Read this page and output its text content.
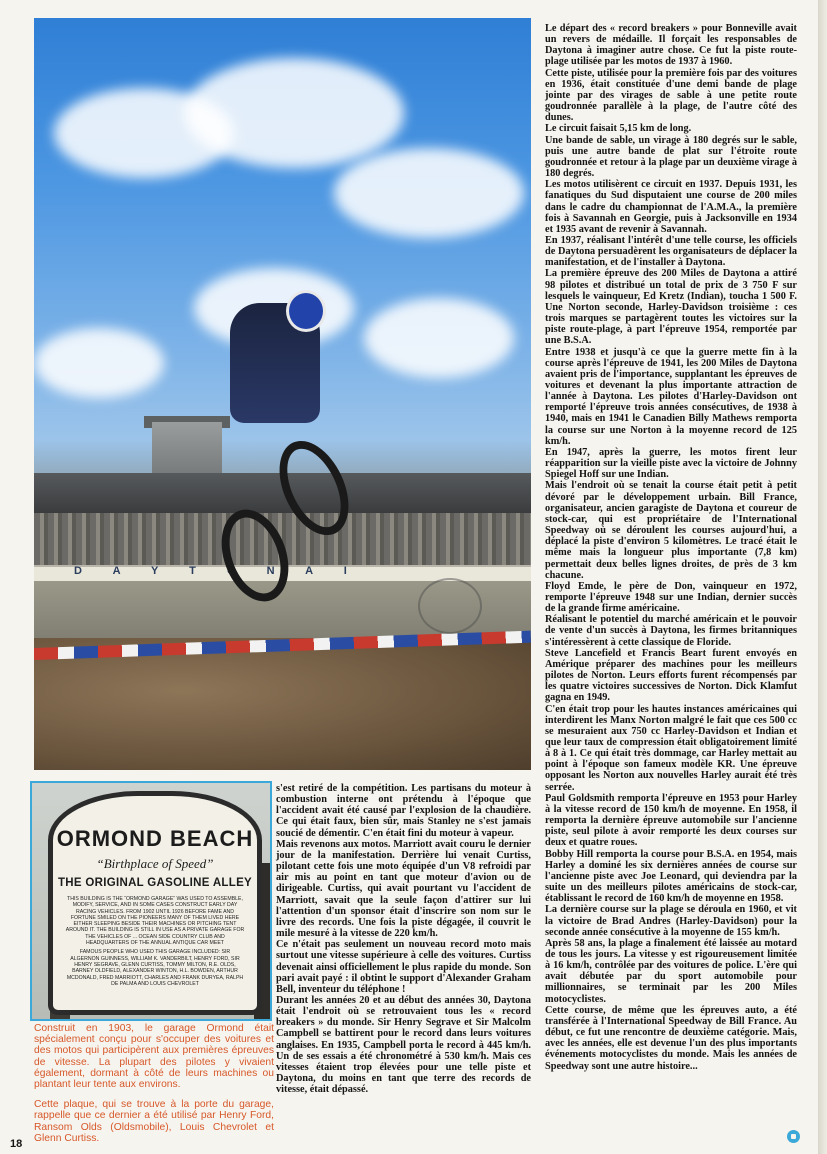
D A Y T O N A I
ORMOND BEACH
“Birthplace of Speed”
THE ORIGINAL GASOLINE ALLEY
THIS BUILDING IS THE “ORMOND GARAGE” WAS USED TO ASSEMBLE, MODIFY, SERVICE, AND IN SOME CASES CONSTRUCT EARLY DAY RACING VEHICLES. FROM 1902 UNTIL 1926 BEFORE FAME AND FORTUNE SMILED ON THE PIONEERS MANY OF THEM LIVED HERE EITHER SLEEPING BESIDE THEIR MACHINES OR PITCHING TENT AROUND IT. THE BUILDING IS STILL IN USE AS A PRIVATE GARAGE FOR THE VEHICLES OF ... OCEAN SIDE COUNTRY CLUB AND HEADQUARTERS OF THE ANNUAL ANTIQUE CAR MEET
FAMOUS PEOPLE WHO USED THIS GARAGE INCLUDED: SIR ALGERNON GUINNESS, WILLIAM K. VANDERBILT, HENRY FORD, SIR HENRY SEGRAVE, GLENN CURTISS, TOMMY MILTON, R.E. OLDS, BARNEY OLDFIELD, ALEXANDER WINTON, H.L. BOWDEN, ARTHUR MCDONALD, FRED MARRIOTT, CHARLES AND FRANK DURYEA, RALPH DE PALMA AND LOUIS CHEVROLET

Construit en 1903, le garage Ormond était spécialement conçu pour s'occuper des voitures et des motos qui participèrent aux premières épreuves de vitesse. La plupart des pilotes y vivaient également, dormant à côté de leurs machines ou plantant leur tente aux environs.

Cette plaque, qui se trouve à la porte du garage, rappelle que ce dernier a été utilisé par Henry Ford, Ransom Olds (Oldsmobile), Louis Chevrolet et Glenn Curtiss.

s'est retiré de la compétition. Les partisans du moteur à combustion interne ont prétendu à l'époque que l'accident avait été causé par l'explosion de la chaudière. Ce qui était faux, bien sûr, mais Stanley ne s'est jamais soucié de démentir. C'en était fini du moteur à vapeur.

Mais revenons aux motos. Marriott avait couru le dernier jour de la manifestation. Derrière lui venait Curtiss, pilotant cette fois une moto équipée d'un V8 refroidi par air mis au point en tant que moteur d'avion ou de dirigeable. Curtiss, qui avait pourtant vu l'accident de Marriott, savait que la seule façon d'attirer sur lui l'attention d'un sponsor était d'inscrire son nom sur le livre des records. Une fois la piste dégagée, il couvrit le mile mesuré à la vitesse de 220 km/h.

Ce n'était pas seulement un nouveau record moto mais surtout une vitesse supérieure à celle des voitures. Curtiss devenait ainsi officiellement le plus rapide du monde. Son pari avait payé : il obtint le support d'Alexander Graham Bell, inventeur du téléphone !

Durant les années 20 et au début des années 30, Daytona était l'endroit où se retrouvaient tous les « record breakers » du monde. Sir Henry Segrave et Sir Malcolm Campbell se battirent pour le record dans leurs voitures anglaises. En 1935, Campbell porta le record à 445 km/h. Un de ses essais a été chronométré à 530 km/h. Mais ces vitesses étaient trop élevées pour une telle piste et Daytona, du moins en tant que terre des records de vitesse, était dépassé.

Le départ des « record breakers » pour Bonneville avait un revers de médaille. Il forçait les responsables de Daytona à imaginer autre chose. Ce fut la piste route-plage utilisée par les motos de 1937 à 1960.

Cette piste, utilisée pour la première fois par des voitures en 1936, était constituée d'une demi bande de plage jointe par des virages de sable à une petite route goudronnée parallèle à la plage, de l'autre côté des dunes.

Le circuit faisait 5,15 km de long.

Une bande de sable, un virage à 180 degrés sur le sable, puis une autre bande de plat sur l'étroite route goudronnée et retour à la plage par un deuxième virage à 180 degrés.

Les motos utilisèrent ce circuit en 1937. Depuis 1931, les fanatiques du Sud disputaient une course de 200 miles dans le cadre du championnat de l'A.M.A., la première fois à Savannah en Georgie, puis à Jacksonville en 1934 et 1935 avant de revenir à Savannah.

En 1937, réalisant l'intérêt d'une telle course, les officiels de Daytona persuadèrent les organisateurs de déplacer la manifestation, et de l'installer à Daytona.

La première épreuve des 200 Miles de Daytona a attiré 98 pilotes et distribué un total de prix de 3 750 F sur lesquels le vainqueur, Ed Kretz (Indian), toucha 1 500 F. Une Norton seconde, Harley-Davidson troisième : ces trois marques se partagèrent toutes les victoires sur la piste route-plage, à part l'épreuve 1954, remportée par une B.S.A.

Entre 1938 et jusqu'à ce que la guerre mette fin à la course après l'épreuve de 1941, les 200 Miles de Daytona avaient pris de l'importance, supplantant les épreuves de voitures et devenant la plus importante attraction de l'année à Daytona. Les pilotes d'Harley-Davidson ont remporté l'épreuve trois années consécutives, de 1938 à 1940, mais en 1941 le Canadien Billy Mathews remporta la course sur une Norton à la moyenne record de 125 km/h.

En 1947, après la guerre, les motos firent leur réapparition sur la vieille piste avec la victoire de Johnny Spiegel Hoff sur une Indian.

Mais l'endroit où se tenait la course était petit à petit dévoré par le développement urbain. Bill France, organisateur, ancien garagiste de Daytona et coureur de stock-car, qui est propriétaire de l'International Speedway où se déroulent les courses aujourd'hui, a déplacé la piste d'environ 5 kilomètres. Le tracé était le même mais la longueur plus importante (7,8 km) permettait deux belles lignes droites, de près de 3 km chacune.

Floyd Emde, le père de Don, vainqueur en 1972, remporte l'épreuve 1948 sur une Indian, dernier succès de la grande firme américaine.

Réalisant le potentiel du marché américain et le pouvoir de vente d'un succès à Daytona, les firmes britanniques s'intéressèrent à cette classique de Floride.

Steve Lancefield et Francis Beart furent envoyés en Amérique préparer des machines pour les meilleurs pilotes de Norton. Leurs efforts furent récompensés par les quatre victoires successives de Norton. Dick Klamfut gagna en 1949.

C'en était trop pour les hautes instances américaines qui interdirent les Manx Norton malgré le fait que ces 500 cc se mesuraient aux 750 cc Harley-Davidson et Indian et que leur taux de compression était obligatoirement limité à 8 à 1. Ce qui était très dommage, car Harley mettait au point à l'époque son fameux modèle KR. Une épreuve opposant les Norton aux nouvelles Harley aurait été très serrée.

Paul Goldsmith remporta l'épreuve en 1953 pour Harley à la vitesse record de 150 km/h de moyenne. En 1958, il remporta la dernière épreuve automobile sur l'ancienne piste, seul pilote à avoir remporté les deux courses sur deux et quatre roues.

Bobby Hill remporta la course pour B.S.A. en 1954, mais Harley a dominé les six dernières années de course sur l'ancienne piste avec Joe Leonard, qui deviendra par la suite un des meilleurs pilotes américains de stock-car, établissant le record de 160 km/h de moyenne en 1958.

La dernière course sur la plage se déroula en 1960, et vit la victoire de Brad Andres (Harley-Davidson) pour la seconde année consécutive à la moyenne de 155 km/h.

Après 58 ans, la plage a finalement été laissée au motard de tous les jours. La vitesse y est rigoureusement limitée à 16 km/h, contrôlée par des voitures de police. L'ère qui avait débutée par du sport automobile pour millionnaires, se terminait par les 200 Miles motocyclistes.

Cette course, de même que les épreuves auto, a été transférée à l'International Speedway de Bill France. Au début, ce fut une rencontre de deuxième catégorie. Mais, avec les années, elle est devenue l'un des plus importants événements motocyclistes du monde. Mais les années de Speedway sont une autre histoire...

18
